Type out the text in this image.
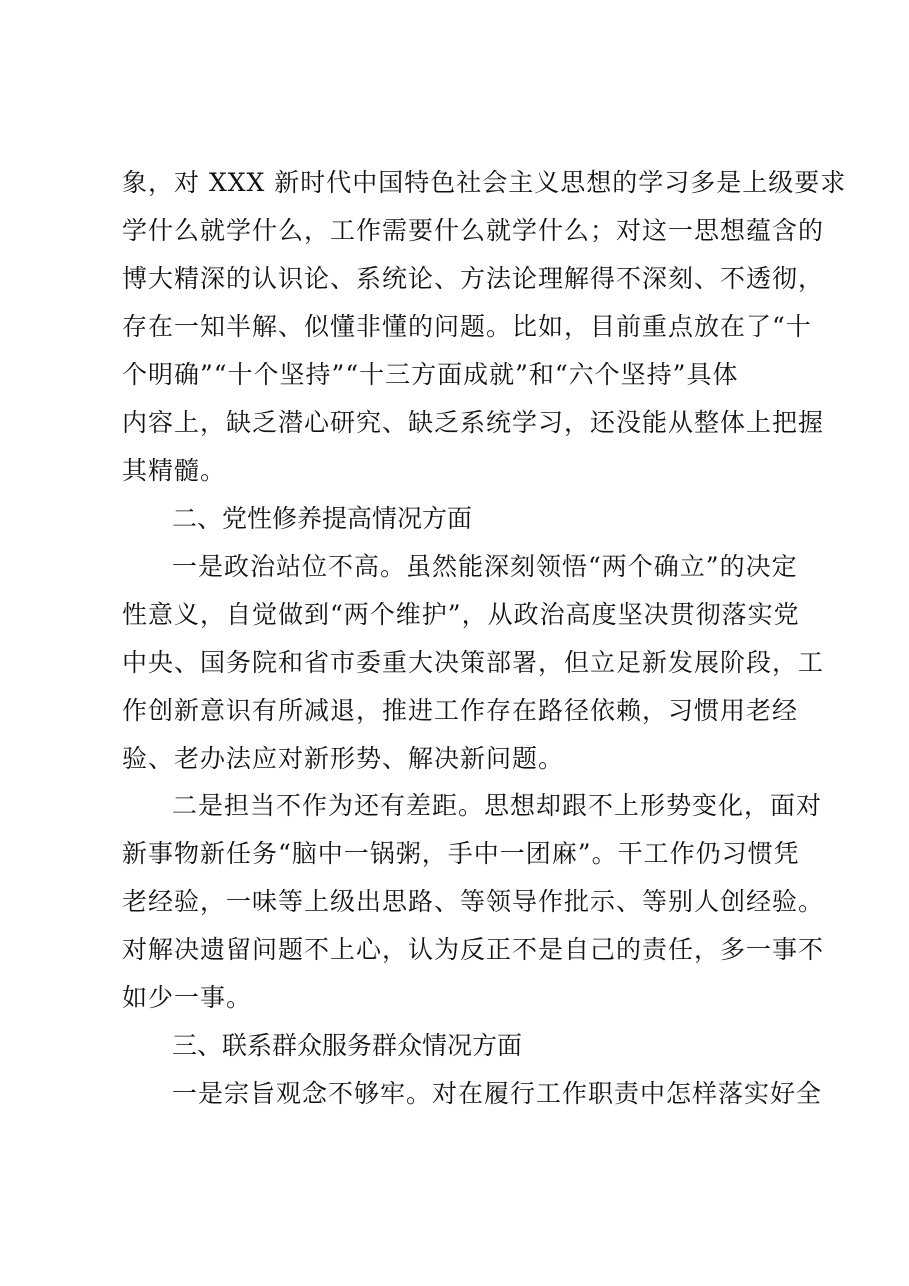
象，对 XXX 新时代中国特色社会主义思想的学习多是上级要求
学什么就学什么，工作需要什么就学什么；对这一思想蕴含的
博大精深的认识论、系统论、方法论理解得不深刻、不透彻，
存在一知半解、似懂非懂的问题。比如，目前重点放在了“十
个明确”“十个坚持”“十三方面成就”和“六个坚持”具体
内容上，缺乏潜心研究、缺乏系统学习，还没能从整体上把握
其精髓。
二、党性修养提高情况方面
一是政治站位不高。虽然能深刻领悟“两个确立”的决定
性意义，自觉做到“两个维护”，从政治高度坚决贯彻落实党
中央、国务院和省市委重大决策部署，但立足新发展阶段，工
作创新意识有所减退，推进工作存在路径依赖，习惯用老经
验、老办法应对新形势、解决新问题。
二是担当不作为还有差距。思想却跟不上形势变化，面对
新事物新任务“脑中一锅粥，手中一团麻”。干工作仍习惯凭
老经验，一味等上级出思路、等领导作批示、等别人创经验。
对解决遗留问题不上心，认为反正不是自己的责任，多一事不
如少一事。
三、联系群众服务群众情况方面
一是宗旨观念不够牢。对在履行工作职责中怎样落实好全
